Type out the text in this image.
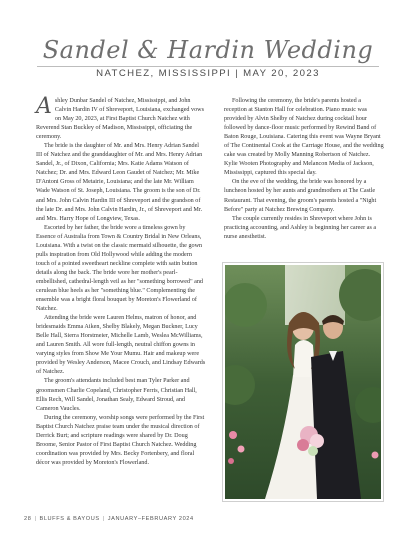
Sandel & Hardin Wedding
NATCHEZ, MISSISSIPPI | MAY 20, 2023

Ashley Dunbar Sandel of Natchez, Mississippi, and John Calvin Hardin IV of Shreveport, Louisiana, exchanged vows on May 20, 2023, at First Baptist Church Natchez with Reverend Stan Buckley of Madison, Mississippi, officiating the ceremony.

The bride is the daughter of Mr. and Mrs. Henry Adrian Sandel III of Natchez and the granddaughter of Mr. and Mrs. Henry Adrian Sandel, Jr., of Dixon, California; Mrs. Katie Adams Watson of Natchez; Dr. and Mrs. Edward Leon Gaudet of Natchez; Mr. Mike D'Antoni Gross of Metairie, Louisiana; and the late Mr. William Wade Watson of St. Joseph, Louisiana. The groom is the son of Dr. and Mrs. John Calvin Hardin III of Shreveport and the grandson of the late Dr. and Mrs. John Calvin Hardin, Jr., of Shreveport and Mr. and Mrs. Harry Hope of Longview, Texas.

Escorted by her father, the bride wore a timeless gown by Essence of Australia from Town & Country Bridal in New Orleans, Louisiana. With a twist on the classic mermaid silhouette, the gown pulls inspiration from Old Hollywood while adding the modern touch of a pointed sweetheart neckline complete with satin button details along the back. The bride wore her mother's pearl-embellished, cathedral-length veil as her "something borrowed" and cerulean blue heels as her "something blue." Complementing the ensemble was a bright floral bouquet by Moreton's Flowerland of Natchez.

Attending the bride were Lauren Helms, matron of honor, and bridesmaids Emma Aiken, Shelby Blakely, Megan Buckner, Lucy Belle Hall, Sierra Horstmeier, Michelle Lamb, Weslea McWilliams, and Lauren Smith. All wore full-length, neutral chiffon gowns in varying styles from Show Me Your Mumu. Hair and makeup were provided by Wesley Anderson, Macee Crouch, and Lindsay Edwards of Natchez.

The groom's attendants included best man Tyler Parker and groomsmen Charlie Copeland, Christopher Ferris, Christian Hall, Ellis Rech, Will Sandel, Jonathan Sealy, Edward Stroud, and Cameron Vaucles.

During the ceremony, worship songs were performed by the First Baptist Church Natchez praise team under the musical direction of Derrick Burt; and scripture readings were shared by Dr. Doug Broome, Senior Pastor of First Baptist Church Natchez. Wedding coordination was provided by Mrs. Becky Fortenbery, and floral décor was provided by Moreton's Flowerland.

Following the ceremony, the bride's parents hosted a reception at Stanton Hall for celebration. Piano music was provided by Alvin Shelby of Natchez during cocktail hour followed by dance-floor music performed by Rewind Band of Baton Rouge, Louisiana. Catering this event was Wayne Bryant of The Continental Cook at the Carriage House, and the wedding cake was created by Molly Manning Robertson of Natchez. Kylie Wooten Photography and Melancon Media of Jackson, Mississippi, captured this special day.

On the eve of the wedding, the bride was honored by a luncheon hosted by her aunts and grandmothers at The Castle Restaurant. That evening, the groom's parents hosted a "Night Before" party at Natchez Brewing Company.

The couple currently resides in Shreveport where John is practicing accounting, and Ashley is beginning her career as a nurse anesthetist.

28 | BLUFFS & BAYOUS | JANUARY–FEBRUARY 2024
